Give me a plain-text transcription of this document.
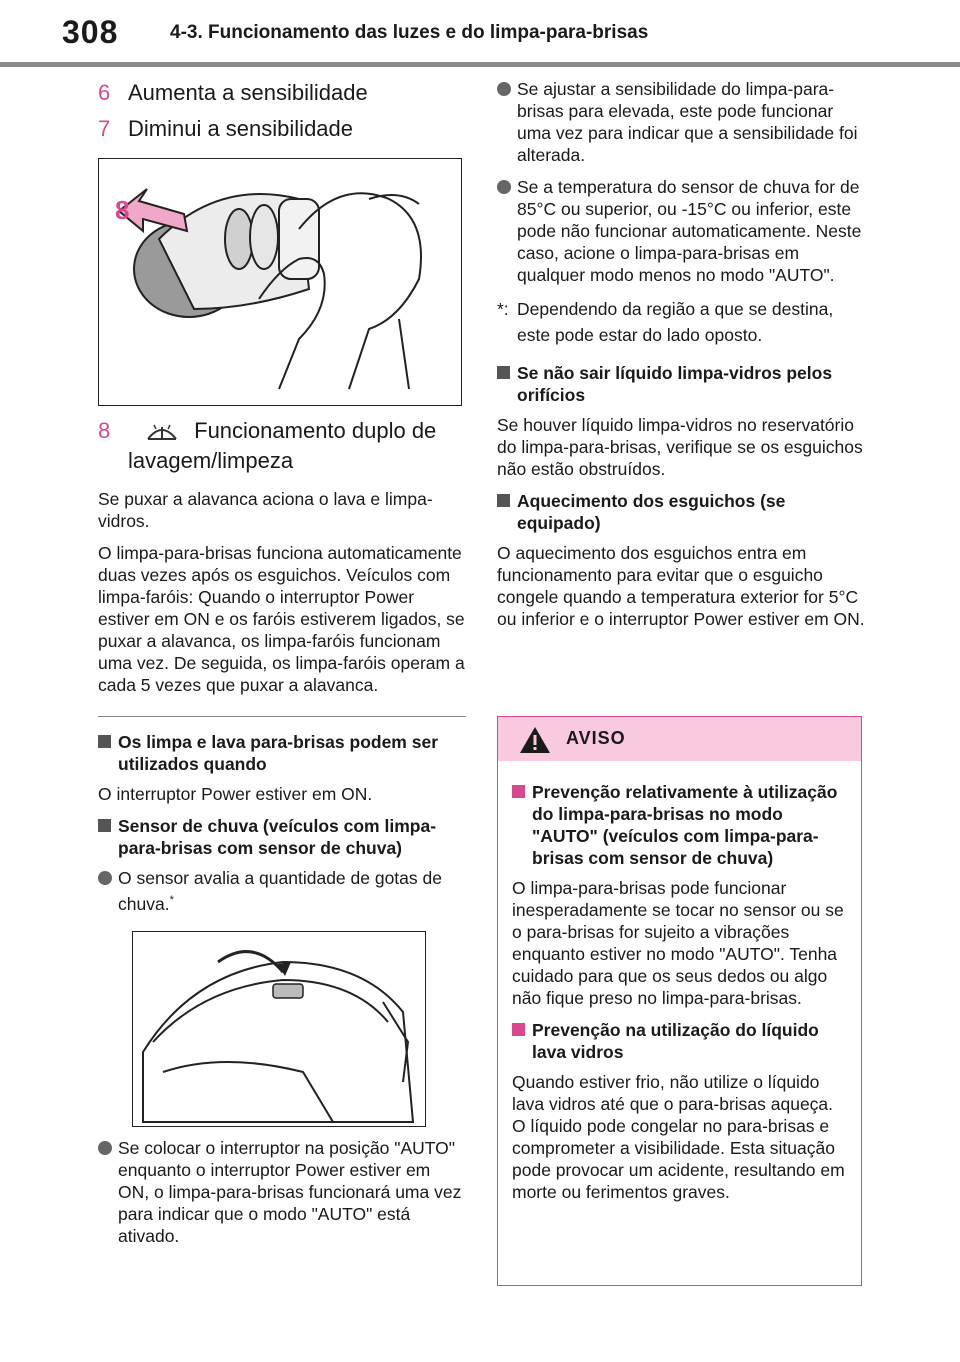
308	4-3. Funcionamento das luzes e do limpa-para-brisas
6 Aumenta a sensibilidade
7 Diminui a sensibilidade
8
8	Funcionamento duplo de
lavagem/limpeza

Se puxar a alavanca aciona o lava e limpa-vidros.

O limpa-para-brisas funciona automaticamente duas vezes após os esguichos. Veículos com limpa-faróis: Quando o interruptor Power estiver em ON e os faróis estiverem ligados, se puxar a alavanca, os limpa-faróis funcionam uma vez. De seguida, os limpa-faróis operam a cada 5 vezes que puxar a alavanca.

Os limpa e lava para-brisas podem ser utilizados quando

O interruptor Power estiver em ON.

Sensor de chuva (veículos com limpa-para-brisas com sensor de chuva)
O sensor avalia a quantidade de gotas de chuva.*
Se colocar o interruptor na posição "AUTO" enquanto o interruptor Power estiver em ON, o limpa-para-brisas funcionará uma vez para indicar que o modo "AUTO" está ativado.
Se ajustar a sensibilidade do limpa-para-brisas para elevada, este pode funcionar uma vez para indicar que a sensibilidade foi alterada.
Se a temperatura do sensor de chuva for de 85°C ou superior, ou -15°C ou inferior, este pode não funcionar automaticamente. Neste caso, acione o limpa-para-brisas em qualquer modo menos no modo "AUTO".
*: Dependendo da região a que se destina, este pode estar do lado oposto.
Se não sair líquido limpa-vidros pelos orifícios

Se houver líquido limpa-vidros no reservatório do limpa-para-brisas, verifique se os esguichos não estão obstruídos.

Aquecimento dos esguichos (se equipado)

O aquecimento dos esguichos entra em funcionamento para evitar que o esguicho congele quando a temperatura exterior for 5°C ou inferior e o interruptor Power estiver em ON.

AVISO
Prevenção relativamente à utilização do limpa-para-brisas no modo "AUTO" (veículos com limpa-para-brisas com sensor de chuva)

O limpa-para-brisas pode funcionar inesperadamente se tocar no sensor ou se o para-brisas for sujeito a vibrações enquanto estiver no modo "AUTO". Tenha cuidado para que os seus dedos ou algo não fique preso no limpa-para-brisas.

Prevenção na utilização do líquido lava vidros

Quando estiver frio, não utilize o líquido lava vidros até que o para-brisas aqueça. O líquido pode congelar no para-brisas e comprometer a visibilidade. Esta situação pode provocar um acidente, resultando em morte ou ferimentos graves.
